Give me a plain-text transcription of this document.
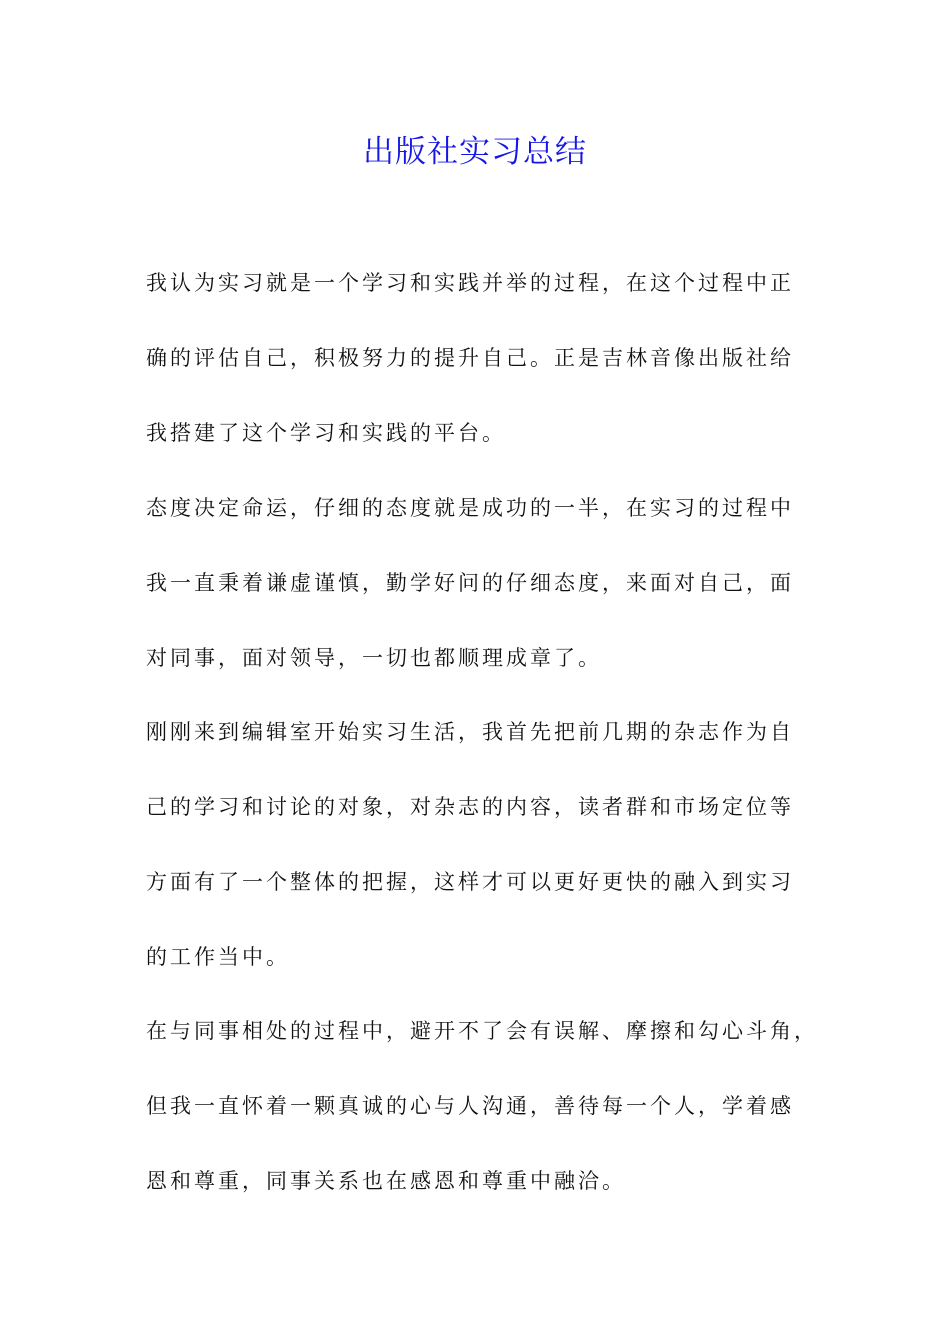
出版社实习总结
我认为实习就是一个学习和实践并举的过程，在这个过程中正
确的评估自己，积极努力的提升自己。正是吉林音像出版社给
我搭建了这个学习和实践的平台。
态度决定命运，仔细的态度就是成功的一半，在实习的过程中
我一直秉着谦虚谨慎，勤学好问的仔细态度，来面对自己，面
对同事，面对领导，一切也都顺理成章了。
刚刚来到编辑室开始实习生活，我首先把前几期的杂志作为自
己的学习和讨论的对象，对杂志的内容，读者群和市场定位等
方面有了一个整体的把握，这样才可以更好更快的融入到实习
的工作当中。
在与同事相处的过程中，避开不了会有误解、摩擦和勾心斗角，
但我一直怀着一颗真诚的心与人沟通，善待每一个人，学着感
恩和尊重，同事关系也在感恩和尊重中融洽。
